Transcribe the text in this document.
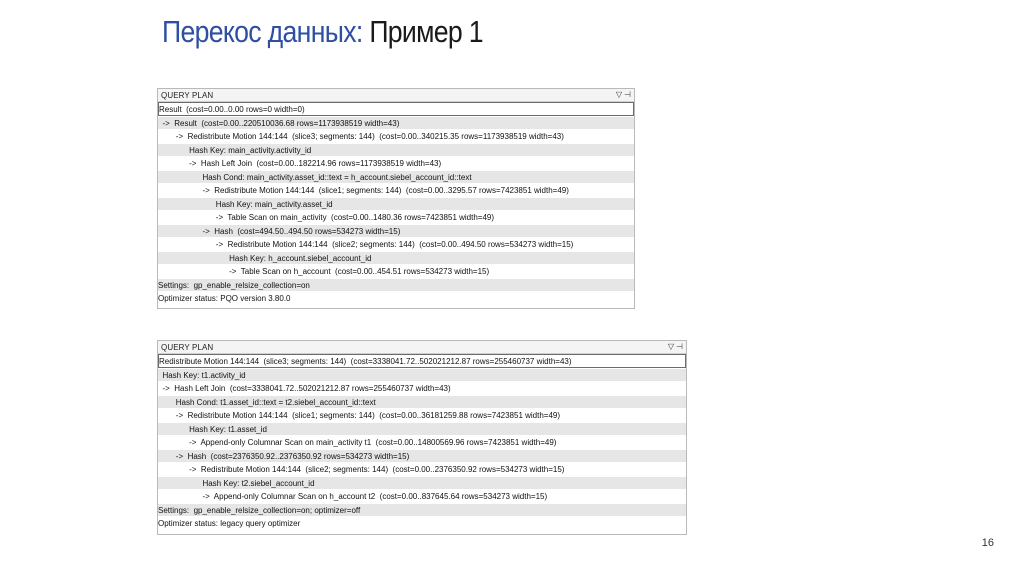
Перекос данных: Пример 1
QUERY PLAN	▽ ⊣
Result  (cost=0.00..0.00 rows=0 width=0)
->  Result  (cost=0.00..220510036.68 rows=1173938519 width=43)
->  Redistribute Motion 144:144  (slice3; segments: 144)  (cost=0.00..340215.35 rows=1173938519 width=43)
Hash Key: main_activity.activity_id
->  Hash Left Join  (cost=0.00..182214.96 rows=1173938519 width=43)
Hash Cond: main_activity.asset_id::text = h_account.siebel_account_id::text
->  Redistribute Motion 144:144  (slice1; segments: 144)  (cost=0.00..3295.57 rows=7423851 width=49)
Hash Key: main_activity.asset_id
->  Table Scan on main_activity  (cost=0.00..1480.36 rows=7423851 width=49)
->  Hash  (cost=494.50..494.50 rows=534273 width=15)
->  Redistribute Motion 144:144  (slice2; segments: 144)  (cost=0.00..494.50 rows=534273 width=15)
Hash Key: h_account.siebel_account_id
->  Table Scan on h_account  (cost=0.00..454.51 rows=534273 width=15)
Settings:  gp_enable_relsize_collection=on
Optimizer status: PQO version 3.80.0
QUERY PLAN	▽ ⊣
Redistribute Motion 144:144  (slice3; segments: 144)  (cost=3338041.72..502021212.87 rows=255460737 width=43)
Hash Key: t1.activity_id
->  Hash Left Join  (cost=3338041.72..502021212.87 rows=255460737 width=43)
Hash Cond: t1.asset_id::text = t2.siebel_account_id::text
->  Redistribute Motion 144:144  (slice1; segments: 144)  (cost=0.00..36181259.88 rows=7423851 width=49)
Hash Key: t1.asset_id
->  Append-only Columnar Scan on main_activity t1  (cost=0.00..14800569.96 rows=7423851 width=49)
->  Hash  (cost=2376350.92..2376350.92 rows=534273 width=15)
->  Redistribute Motion 144:144  (slice2; segments: 144)  (cost=0.00..2376350.92 rows=534273 width=15)
Hash Key: t2.siebel_account_id
->  Append-only Columnar Scan on h_account t2  (cost=0.00..837645.64 rows=534273 width=15)
Settings:  gp_enable_relsize_collection=on; optimizer=off
Optimizer status: legacy query optimizer
16
